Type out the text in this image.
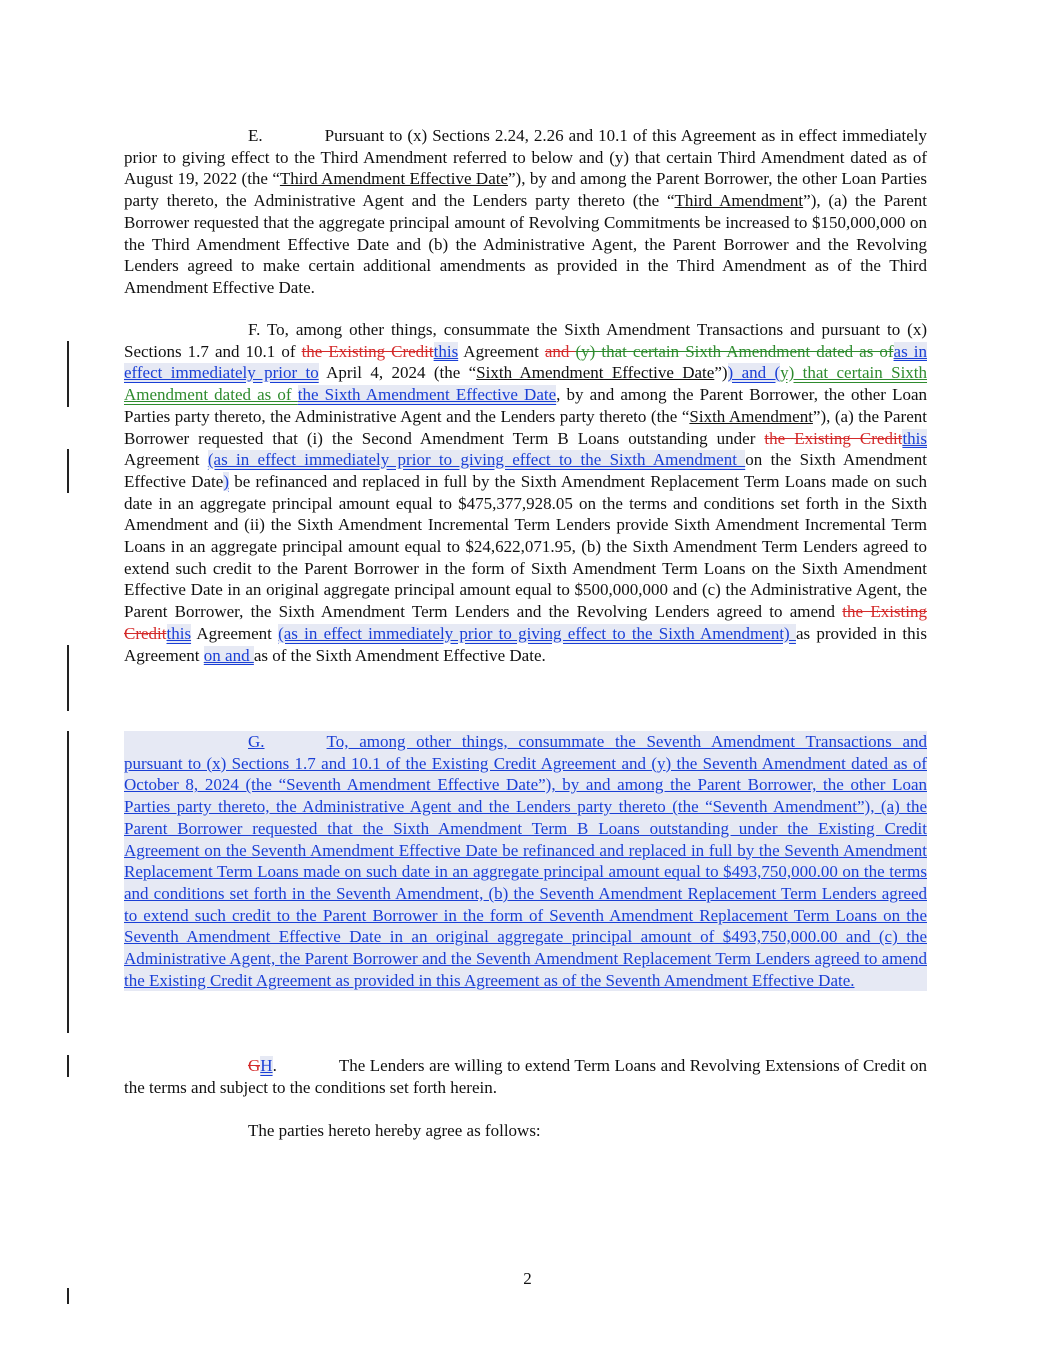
E.	Pursuant to (x) Sections 2.24, 2.26 and 10.1 of this Agreement as in effect immediately prior to giving effect to the Third Amendment referred to below and (y) that certain Third Amendment dated as of August 19, 2022 (the “Third Amendment Effective Date”), by and among the Parent Borrower, the other Loan Parties party thereto, the Administrative Agent and the Lenders party thereto (the “Third Amendment”), (a) the Parent Borrower requested that the aggregate principal amount of Revolving Commitments be increased to $150,000,000 on the Third Amendment Effective Date and (b) the Administrative Agent, the Parent Borrower and the Revolving Lenders agreed to make certain additional amendments as provided in the Third Amendment as of the Third Amendment Effective Date.

F. To, among other things, consummate the Sixth Amendment Transactions and pursuant to (x) Sections 1.7 and 10.1 of the Existing Creditthis Agreement and (y) that certain Sixth Amendment dated as ofas in effect immediately prior to April 4, 2024 (the “Sixth Amendment Effective Date”)) and (y) that certain Sixth Amendment dated as of the Sixth Amendment Effective Date, by and among the Parent Borrower, the other Loan Parties party thereto, the Administrative Agent and the Lenders party thereto (the “Sixth Amendment”), (a) the Parent Borrower requested that (i) the Second Amendment Term B Loans outstanding under the Existing Creditthis Agreement (as in effect immediately prior to giving effect to the Sixth Amendment on the Sixth Amendment Effective Date) be refinanced and replaced in full by the Sixth Amendment Replacement Term Loans made on such date in an aggregate principal amount equal to $475,377,928.05 on the terms and conditions set forth in the Sixth Amendment and (ii) the Sixth Amendment Incremental Term Lenders provide Sixth Amendment Incremental Term Loans in an aggregate principal amount equal to $24,622,071.95, (b) the Sixth Amendment Term Lenders agreed to extend such credit to the Parent Borrower in the form of Sixth Amendment Term Loans on the Sixth Amendment Effective Date in an original aggregate principal amount equal to $500,000,000 and (c) the Administrative Agent, the Parent Borrower, the Sixth Amendment Term Lenders and the Revolving Lenders agreed to amend the Existing Creditthis Agreement (as in effect immediately prior to giving effect to the Sixth Amendment) as provided in this Agreement on and as of the Sixth Amendment Effective Date.

G.	To, among other things, consummate the Seventh Amendment Transactions and pursuant to (x) Sections 1.7 and 10.1 of the Existing Credit Agreement and (y) the Seventh Amendment dated as of October 8, 2024 (the “Seventh Amendment Effective Date”), by and among the Parent Borrower, the other Loan Parties party thereto, the Administrative Agent and the Lenders party thereto (the “Seventh Amendment”), (a) the Parent Borrower requested that the Sixth Amendment Term B Loans outstanding under the Existing Credit Agreement on the Seventh Amendment Effective Date be refinanced and replaced in full by the Seventh Amendment Replacement Term Loans made on such date in an aggregate principal amount equal to $493,750,000.00 on the terms and conditions set forth in the Seventh Amendment, (b) the Seventh Amendment Replacement Term Lenders agreed to extend such credit to the Parent Borrower in the form of Seventh Amendment Replacement Term Loans on the Seventh Amendment Effective Date in an original aggregate principal amount of $493,750,000.00 and (c) the Administrative Agent, the Parent Borrower and the Seventh Amendment Replacement Term Lenders agreed to amend the Existing Credit Agreement as provided in this Agreement as of the Seventh Amendment Effective Date.

GH.	The Lenders are willing to extend Term Loans and Revolving Extensions of Credit on the terms and subject to the conditions set forth herein.

The parties hereto hereby agree as follows:

2
